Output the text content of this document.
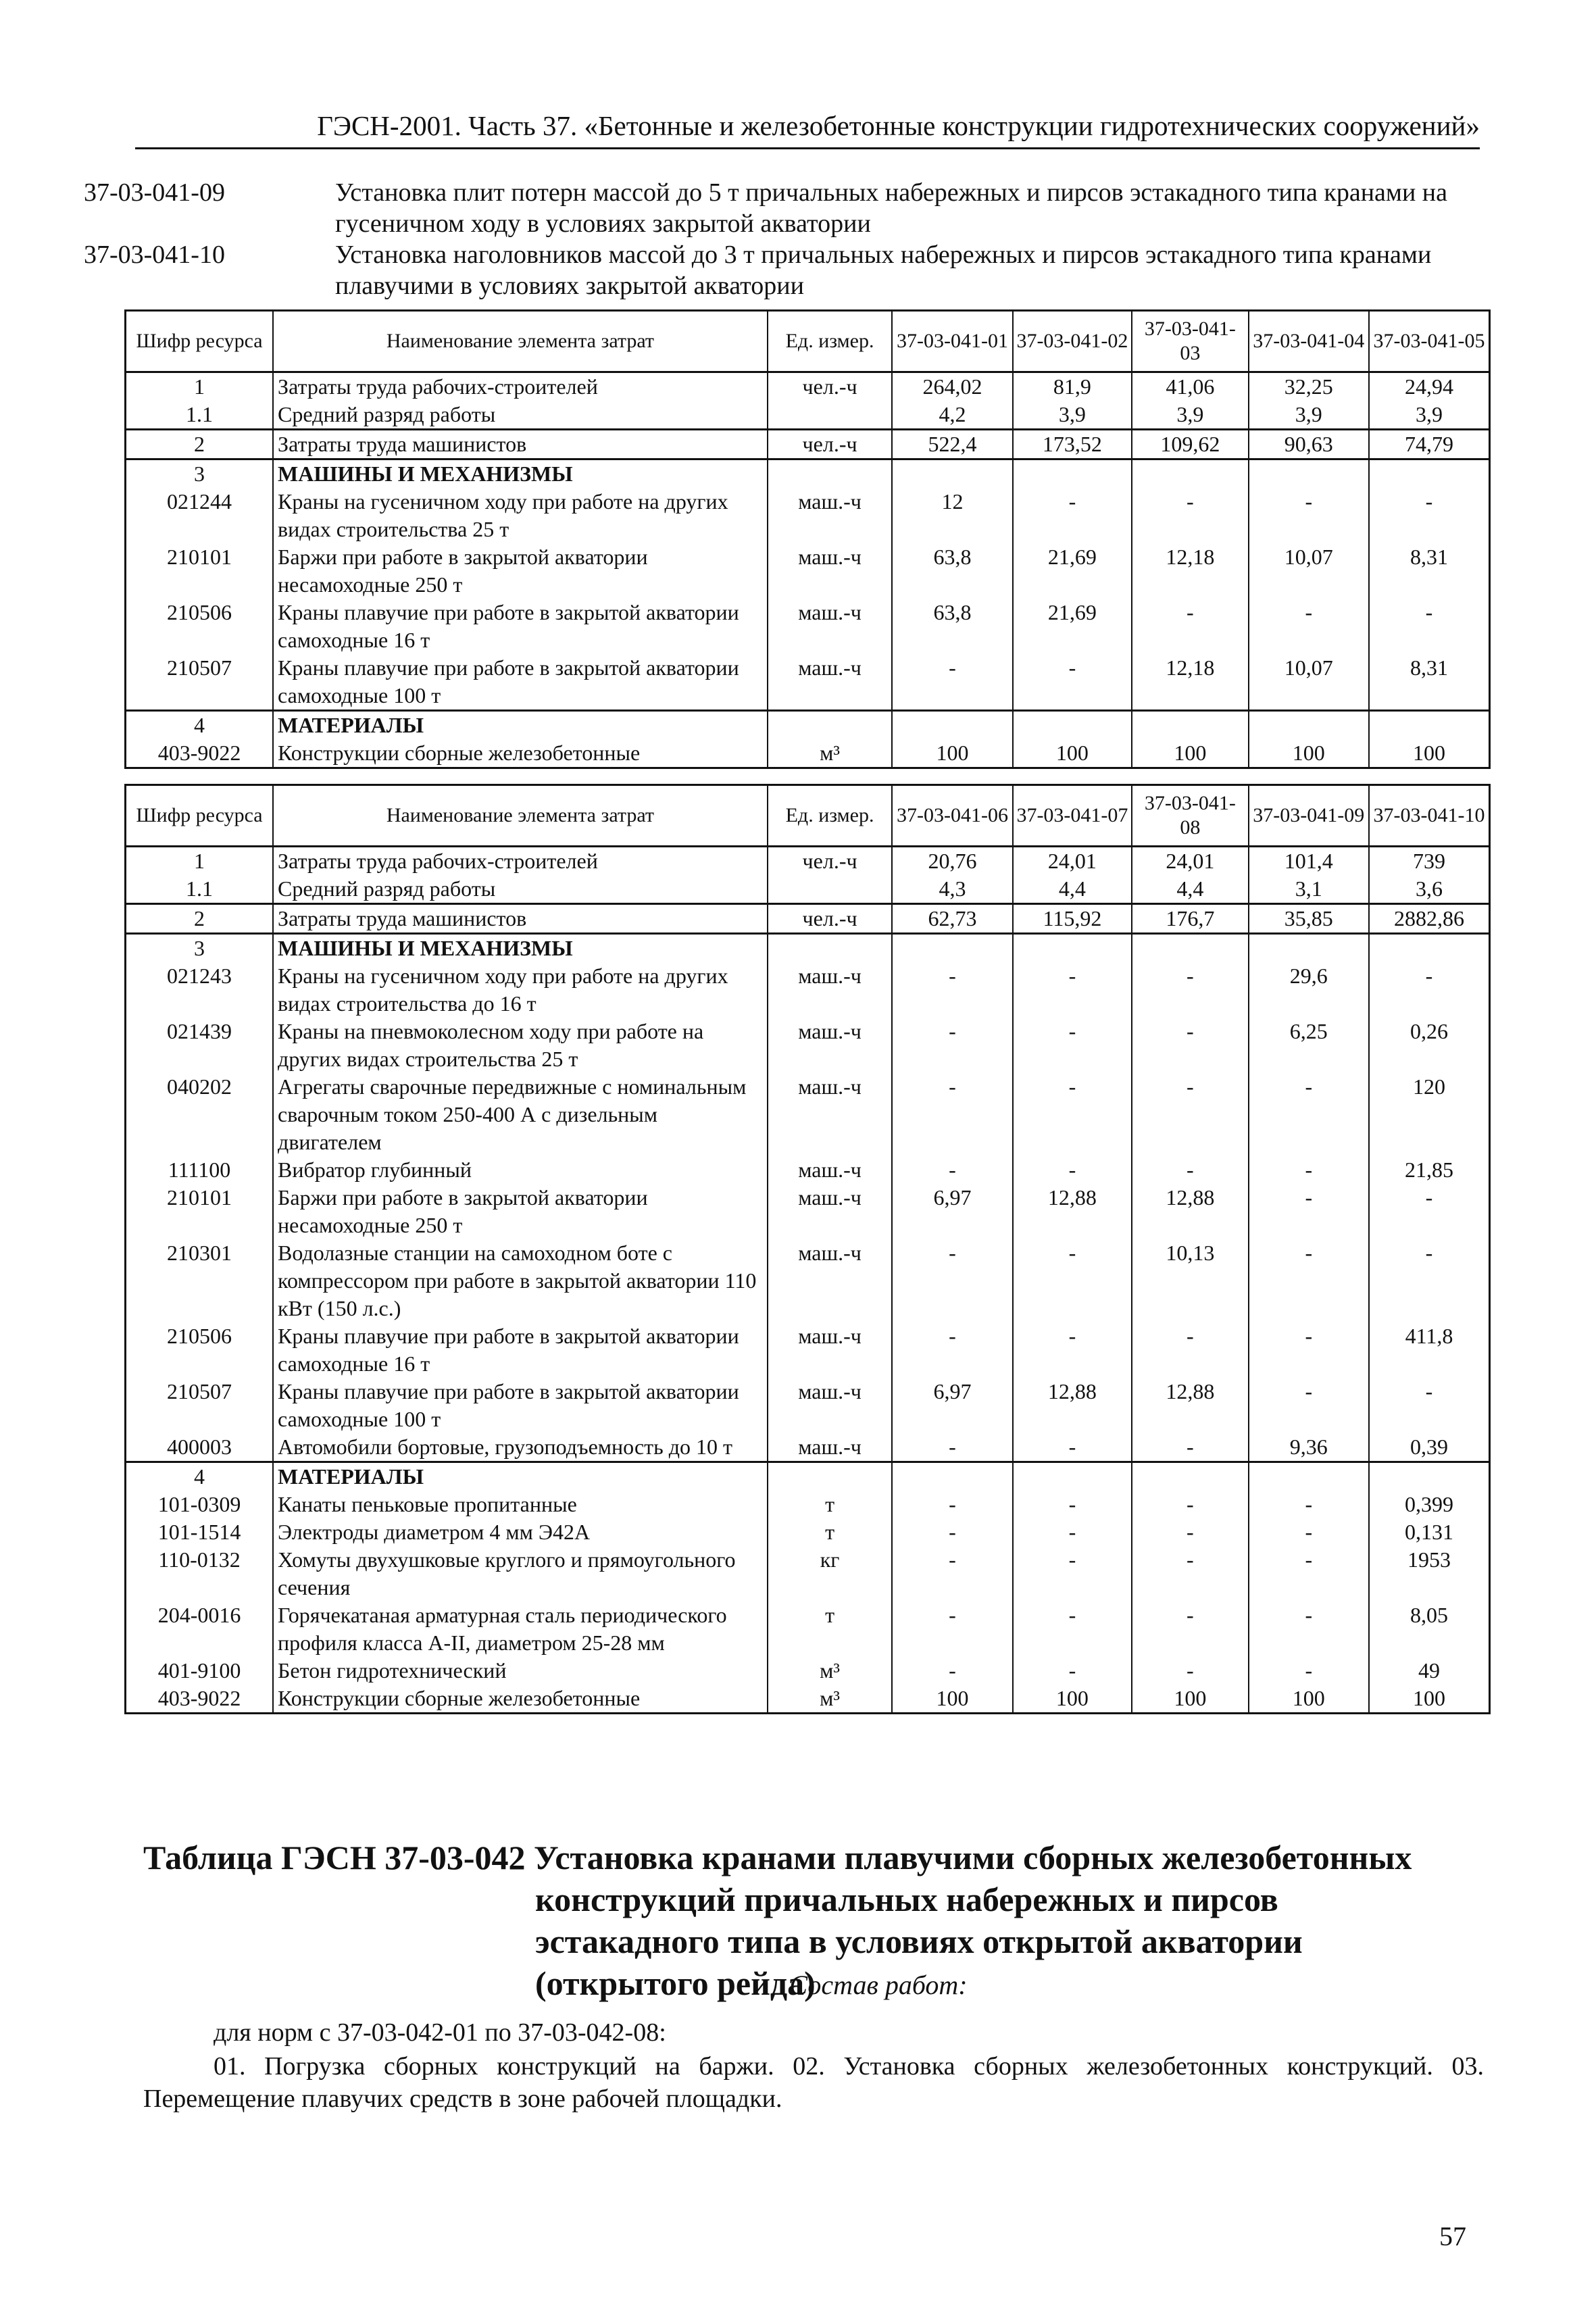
ГЭСН-2001. Часть 37. «Бетонные и железобетонные конструкции гидротехнических сооружений»
37-03-041-09	Установка плит потерн массой до 5 т причальных набережных и пирсов эстакадного типа кранами на гусеничном ходу в условиях закрытой акватории
37-03-041-10	Установка наголовников массой до 3 т причальных набережных и пирсов эстакадного типа кранами плавучими в условиях закрытой акватории
Шифр ресурса	Наименование элемента затрат	Ед. измер.	37-03-041-01	37-03-041-02	37-03-041-03	37-03-041-04	37-03-041-05
1	Затраты труда рабочих-строителей	чел.-ч	264,02	81,9	41,06	32,25	24,94
1.1	Средний разряд работы		4,2	3,9	3,9	3,9	3,9
2	Затраты труда машинистов	чел.-ч	522,4	173,52	109,62	90,63	74,79
3	МАШИНЫ И МЕХАНИЗМЫ						
021244	Краны на гусеничном ходу при работе на других видах строительства 25 т	маш.-ч	12	-	-	-	-
210101	Баржи при работе в закрытой акватории несамоходные 250 т	маш.-ч	63,8	21,69	12,18	10,07	8,31
210506	Краны плавучие при работе в закрытой акватории самоходные 16 т	маш.-ч	63,8	21,69	-	-	-
210507	Краны плавучие при работе в закрытой акватории самоходные 100 т	маш.-ч	-	-	12,18	10,07	8,31
4	МАТЕРИАЛЫ						
403-9022	Конструкции сборные железобетонные	м³	100	100	100	100	100
Шифр ресурса	Наименование элемента затрат	Ед. измер.	37-03-041-06	37-03-041-07	37-03-041-08	37-03-041-09	37-03-041-10
1	Затраты труда рабочих-строителей	чел.-ч	20,76	24,01	24,01	101,4	739
1.1	Средний разряд работы		4,3	4,4	4,4	3,1	3,6
2	Затраты труда машинистов	чел.-ч	62,73	115,92	176,7	35,85	2882,86
3	МАШИНЫ И МЕХАНИЗМЫ						
021243	Краны на гусеничном ходу при работе на других видах строительства до 16 т	маш.-ч	-	-	-	29,6	-
021439	Краны на пневмоколесном ходу при работе на других видах строительства 25 т	маш.-ч	-	-	-	6,25	0,26
040202	Агрегаты сварочные передвижные с номинальным сварочным током 250-400 А с дизельным двигателем	маш.-ч	-	-	-	-	120
111100	Вибратор глубинный	маш.-ч	-	-	-	-	21,85
210101	Баржи при работе в закрытой акватории несамоходные 250 т	маш.-ч	6,97	12,88	12,88	-	-
210301	Водолазные станции на самоходном боте с компрессором при работе в закрытой акватории 110 кВт (150 л.с.)	маш.-ч	-	-	10,13	-	-
210506	Краны плавучие при работе в закрытой акватории самоходные 16 т	маш.-ч	-	-	-	-	411,8
210507	Краны плавучие при работе в закрытой акватории самоходные 100 т	маш.-ч	6,97	12,88	12,88	-	-
400003	Автомобили бортовые, грузоподъемность до 10 т	маш.-ч	-	-	-	9,36	0,39
4	МАТЕРИАЛЫ						
101-0309	Канаты пеньковые пропитанные	т	-	-	-	-	0,399
101-1514	Электроды диаметром 4 мм Э42А	т	-	-	-	-	0,131
110-0132	Хомуты двухушковые круглого и прямоугольного сечения	кг	-	-	-	-	1953
204-0016	Горячекатаная арматурная сталь периодического профиля класса А-II, диаметром 25-28 мм	т	-	-	-	-	8,05
401-9100	Бетон гидротехнический	м³	-	-	-	-	49
403-9022	Конструкции сборные железобетонные	м³	100	100	100	100	100
Таблица ГЭСН 37-03-042 Установка кранами плавучими сборных железобетонных
конструкций причальных набережных и пирсов эстакадного типа в условиях открытой акватории (открытого рейда)
Состав работ:
для норм с 37-03-042-01 по 37-03-042-08:
01. Погрузка сборных конструкций на баржи. 02. Установка сборных железобетонных конструкций. 03. Перемещение плавучих средств в зоне рабочей площадки.
57
